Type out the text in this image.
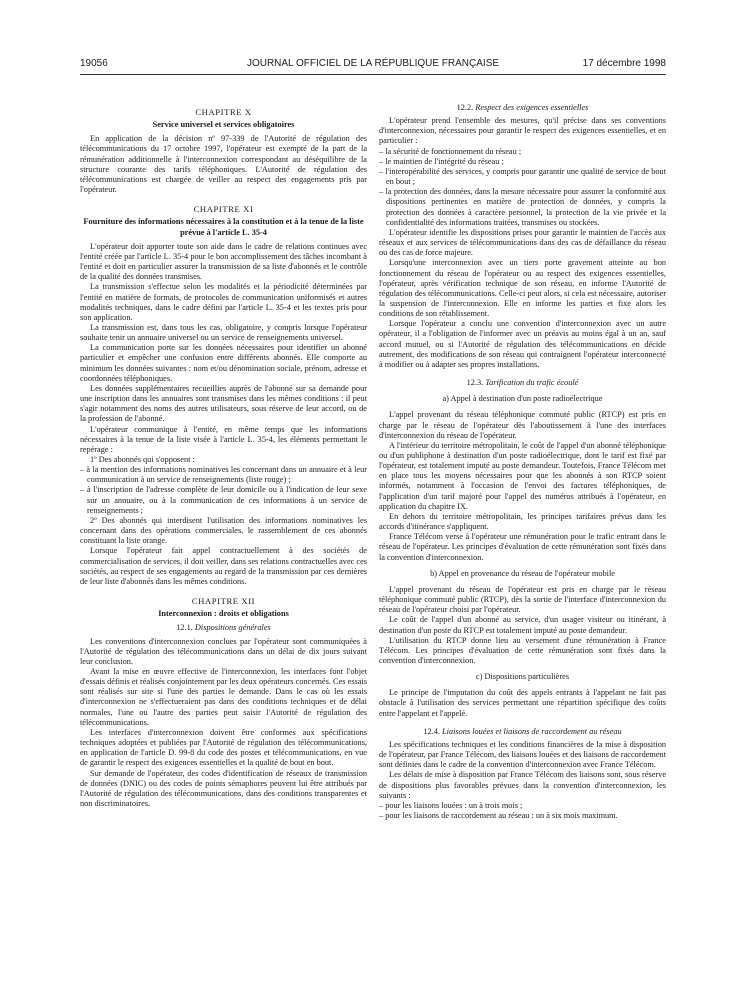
19056	JOURNAL OFFICIEL DE LA RÉPUBLIQUE FRANÇAISE	17 décembre 1998
CHAPITRE X
Service universel et services obligatoires

En application de la décision nº 97-339 de l'Autorité de régulation des télécommunications du 17 octobre 1997, l'opérateur est exempté de la part de la rémunération additionnelle à l'interconnexion correspondant au déséquilibre de la structure courante des tarifs téléphoniques. L'Autorité de régulation des télécommunications est chargée de veiller au respect des engagements pris par l'opérateur.

CHAPITRE XI
Fourniture des informations nécessaires à la constitution et à la tenue de la liste prévue à l'article L. 35-4

L'opérateur doit apporter toute son aide dans le cadre de relations continues avec l'entité créée par l'article L. 35-4 pour le bon accomplissement des tâches incombant à l'entité et doit en particulier assurer la transmission de sa liste d'abonnés et le contrôle de la qualité des données transmises.

La transmission s'effectue selon les modalités et la périodicité déterminées par l'entité en matière de formats, de protocoles de communication uniformisés et autres modalités techniques, dans le cadre défini par l'article L. 35-4 et les textes pris pour son application.

La transmission est, dans tous les cas, obligatoire, y compris lorsque l'opérateur souhaite tenir un annuaire universel ou un service de renseignements universel.

La communication porte sur les données nécessaires pour identifier un abonné particulier et empêcher une confusion entre différents abonnés. Elle comporte au minimum les données suivantes : nom et/ou dénomination sociale, prénom, adresse et coordonnées téléphoniques.

Les données supplémentaires recueillies auprès de l'abonné sur sa demande pour une inscription dans les annuaires sont transmises dans les mêmes conditions : il peut s'agir notamment des noms des autres utilisateurs, sous réserve de leur accord, ou de la profession de l'abonné.

L'opérateur communique à l'entité, en même temps que les informations nécessaires à la tenue de la liste visée à l'article L. 35-4, les éléments permettant le repérage :

1º Des abonnés qui s'opposent :

– à la mention des informations nominatives les concernant dans un annuaire et à leur communication à un service de renseignements (liste rouge) ;

– à l'inscription de l'adresse complète de leur domicile ou à l'indication de leur sexe sur un annuaire, ou à la communication de ces informations à un service de renseignements ;

2º Des abonnés qui interdisent l'utilisation des informations nominatives les concernant dans des opérations commerciales, le rassemblement de ces abonnés constituant la liste orange.

Lorsque l'opérateur fait appel contractuellement à des sociétés de commercialisation de services, il doit veiller, dans ses relations contractuelles avec ces sociétés, au respect de ses engagements au regard de la transmission par ces dernières de leur liste d'abonnés dans les mêmes conditions.

CHAPITRE XII
Interconnexion : droits et obligations
12.1. Dispositions générales

Les conventions d'interconnexion conclues par l'opérateur sont communiquées à l'Autorité de régulation des télécommunications dans un délai de dix jours suivant leur conclusion.

Avant la mise en œuvre effective de l'interconnexion, les interfaces font l'objet d'essais définis et réalisés conjointement par les deux opérateurs concernés. Ces essais sont réalisés sur site si l'une des parties le demande. Dans le cas où les essais d'interconnexion ne s'effectueraient pas dans des conditions techniques et de délai normales, l'une ou l'autre des parties peut saisir l'Autorité de régulation des télécommunications.

Les interfaces d'interconnexion doivent être conformes aux spécifications techniques adoptées et publiées par l'Autorité de régulation des télécommunications, en application de l'article D. 99-8 du code des postes et télécommunications, en vue de garantir le respect des exigences essentielles et la qualité de bout en bout.

Sur demande de l'opérateur, des codes d'identification de réseaux de transmission de données (DNIC) ou des codes de points sémaphores peuvent lui être attribués par l'Autorité de régulation des télécommunications, dans des conditions transparentes et non discriminatoires.

12.2. Respect des exigences essentielles

L'opérateur prend l'ensemble des mesures, qu'il précise dans ses conventions d'interconnexion, nécessaires pour garantir le respect des exigences essentielles, et en particulier :

– la sécurité de fonctionnement du réseau ;

– le maintien de l'intégrité du réseau ;

– l'interopérabilité des services, y compris pour garantir une qualité de service de bout en bout ;

– la protection des données, dans la mesure nécessaire pour assurer la conformité aux dispositions pertinentes en matière de protection de données, y compris la protection des données à caractère personnel, la protection de la vie privée et la confidentialité des informations traitées, transmises ou stockées.

L'opérateur identifie les dispositions prises pour garantir le maintien de l'accès aux réseaux et aux services de télécommunications dans des cas de défaillance du réseau ou des cas de force majeure.

Lorsqu'une interconnexion avec un tiers porte gravement atteinte au bon fonctionnement du réseau de l'opérateur ou au respect des exigences essentielles, l'opérateur, après vérification technique de son réseau, en informe l'Autorité de régulation des télécommunications. Celle-ci peut alors, si cela est nécessaire, autoriser la suspension de l'interconnexion. Elle en informe les parties et fixe alors les conditions de son rétablissement.

Lorsque l'opérateur a conclu une convention d'interconnexion avec un autre opérateur, il a l'obligation de l'informer avec un préavis au moins égal à un an, sauf accord mutuel, ou si l'Autorité de régulation des télécommunications en décide autrement, des modifications de son réseau qui contraignent l'opérateur interconnecté à modifier ou à adapter ses propres installations.

12.3. Tarification du trafic écoulé
a) Appel à destination d'un poste radioélectrique

L'appel provenant du réseau téléphonique commuté public (RTCP) est pris en charge par le réseau de l'opérateur dès l'aboutissement à l'une des interfaces d'interconnexion du réseau de l'opérateur.

A l'intérieur du territoire métropolitain, le coût de l'appel d'un abonné téléphonique ou d'un publiphone à destination d'un poste radioélectrique, dont le tarif est fixé par l'opérateur, est totalement imputé au poste demandeur. Toutefois, France Télécom met en place tous les moyens nécessaires pour que les abonnés à son RTCP soient informés, notamment à l'occasion de l'envoi des factures téléphoniques, de l'application d'un tarif majoré pour l'appel des numéros attribués à l'opérateur, en application du chapitre IX.

En dehors du territoire métropolitain, les principes tarifaires prévus dans les accords d'itinérance s'appliquent.

France Télécom verse à l'opérateur une rémunération pour le trafic entrant dans le réseau de l'opérateur. Les principes d'évaluation de cette rémunération sont fixés dans la convention d'interconnexion.

b) Appel en provenance du réseau de l'opérateur mobile

L'appel provenant du réseau de l'opérateur est pris en charge par le réseau téléphonique commuté public (RTCP), dès la sortie de l'interface d'interconnexion du réseau de l'opérateur choisi par l'opérateur.

Le coût de l'appel d'un abonné au service, d'un usager visiteur ou itinérant, à destination d'un poste du RTCP est totalement imputé au poste demandeur.

L'utilisation du RTCP donne lieu au versement d'une rémunération à France Télécom. Les principes d'évaluation de cette rémunération sont fixés dans la convention d'interconnexion.

c) Dispositions particulières

Le principe de l'imputation du coût des appels entrants à l'appelant ne fait pas obstacle à l'utilisation des services permettant une répartition spécifique des coûts entre l'appelant et l'appelé.

12.4. Liaisons louées et liaisons de raccordement au réseau

Les spécifications techniques et les conditions financières de la mise à disposition de l'opérateur, par France Télécom, des liaisons louées et des liaisons de raccordement sont définies dans le cadre de la convention d'interconnexion avec France Télécom.

Les délais de mise à disposition par France Télécom des liaisons sont, sous réserve de dispositions plus favorables prévues dans la convention d'interconnexion, les suivants :

– pour les liaisons louées : un à trois mois ;

– pour les liaisons de raccordement au réseau : un à six mois maximum.
